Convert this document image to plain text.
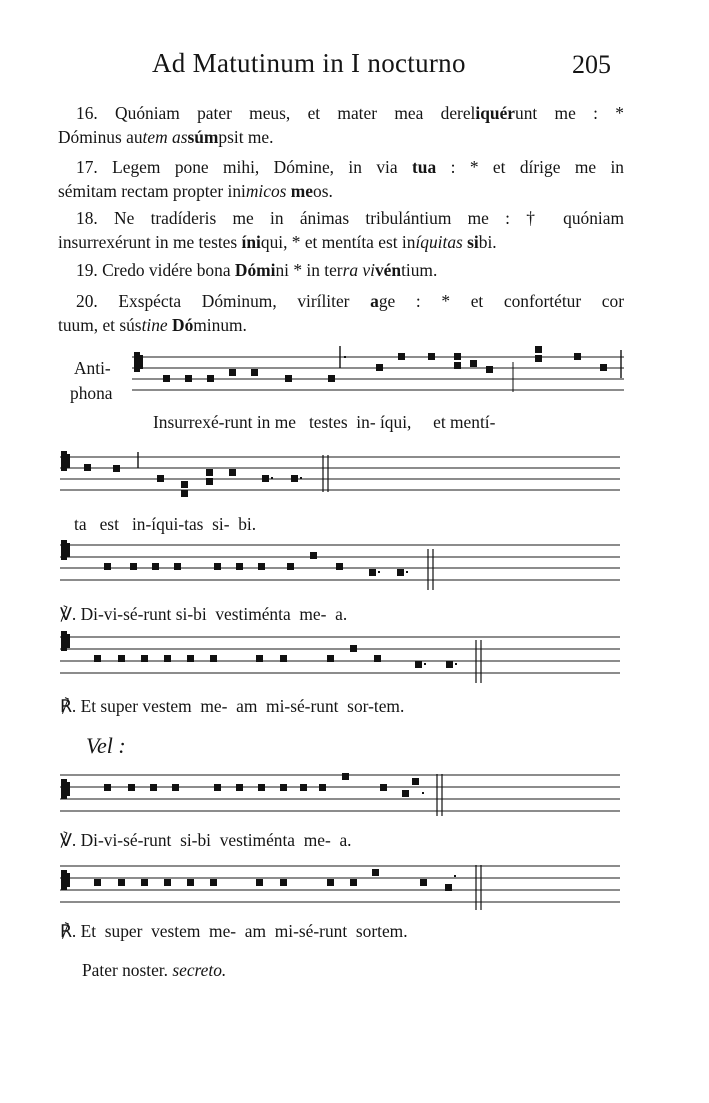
Ad Matutinum in I nocturno	205
16. Quóniam pater meus, et mater mea dereliquérunt me : *
Dóminus autem assúmpsit me.
17. Legem pone mihi, Dómine, in via tua : * et dírige me in
sémitam rectam propter inimicos meos.
18. Ne tradíderis me in ánimas tribulántium me : † quóniam
insurrexérunt in me testes íniqui, * et mentíta est iníquitas sibi.
19. Credo vidére bona Dómini * in terra vivéntium.
20. Exspécta Dóminum, viríliter age : * et confortétur cor
tuum, et sústine Dóminum.
Anti-
phona
Insurrexé-runt in me   testes  in- íqui,     et mentí-
ta   est   in-íqui-tas  si-  bi.
℣. Di-vi-sé-runt si-bi  vestiménta  me-  a.
℟. Et super vestem  me-  am  mi-sé-runt  sor-tem.
Vel :
℣. Di-vi-sé-runt  si-bi  vestiménta  me-  a.
℟. Et  super  vestem  me-  am  mi-sé-runt  sortem.
Pater noster. secreto.
